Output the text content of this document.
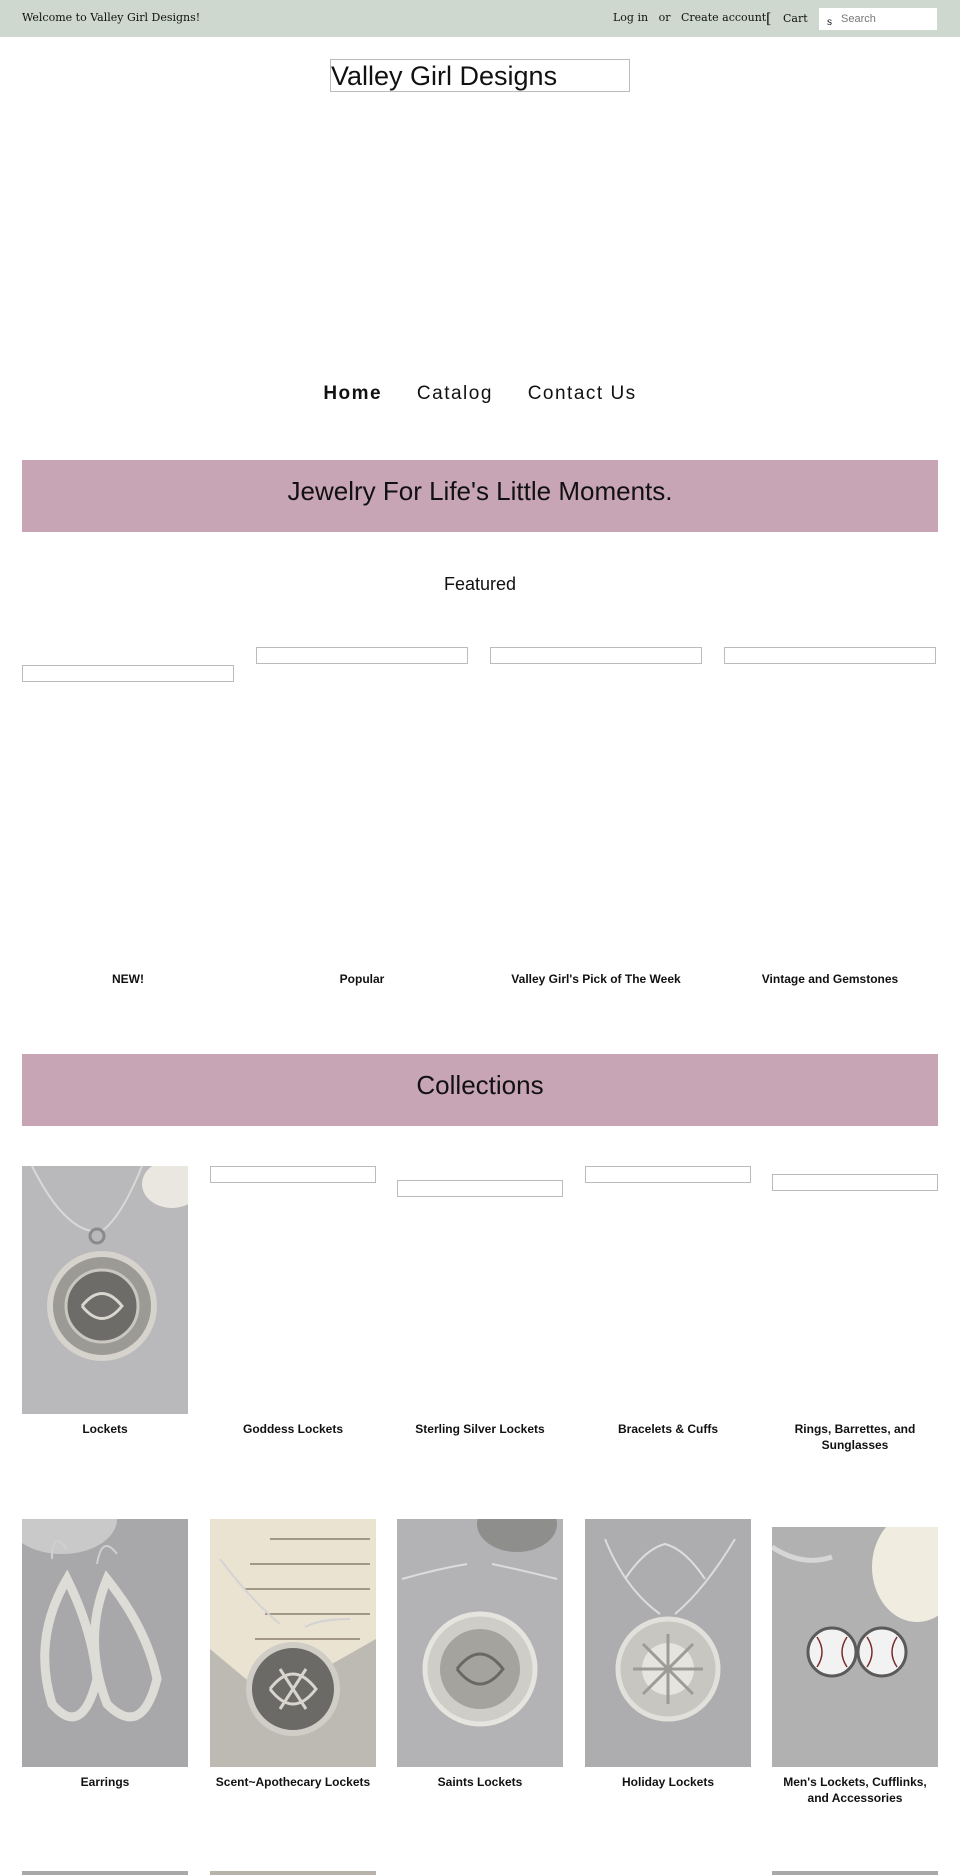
Welcome to Valley Girl Designs!	Log in or Create account [ Cart s
Search
Valley Girl Designs
Home Catalog Contact Us
Jewelry For Life's Little Moments.
Featured
NEW!	Popular	Valley Girl's Pick of The Week	Vintage and Gemstones
Collections
Lockets	Goddess Lockets	Sterling Silver Lockets	Bracelets & Cuffs	Rings, Barrettes, and Sunglasses
Earrings	Scent~Apothecary Lockets	Saints Lockets	Holiday Lockets	Men's Lockets, Cufflinks, and Accessories
